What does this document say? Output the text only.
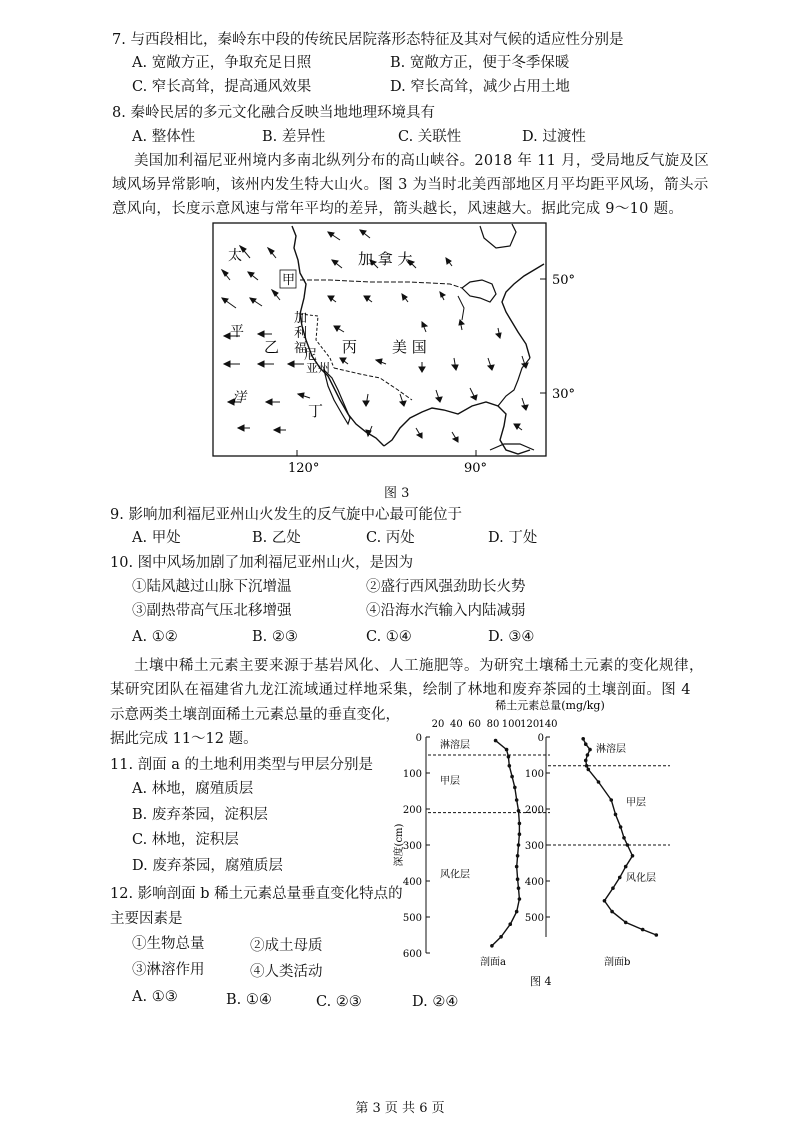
7. 与西段相比，秦岭东中段的传统民居院落形态特征及其对气候的适应性分别是
A. 宽敞方正，争取充足日照	B. 宽敞方正，便于冬季保暖
C. 窄长高耸，提高通风效果	D. 窄长高耸，减少占用土地
8. 秦岭民居的多元文化融合反映当地地理环境具有
A. 整体性	B. 差异性	C. 关联性	D. 过渡性
美国加利福尼亚州境内多南北纵列分布的高山峡谷。2018 年 11 月，受局地反气旋及区
域风场异常影响，该州内发生特大山火。图 3 为当时北美西部地区月平均距平风场，箭头示
意风向，长度示意风速与常年平均的差异，箭头越长，风速越大。据此完成 9～10 题。
50°
30°
120°	90°
太
平
洋
加 拿 大
甲
乙	丙
丁
美 国
加
利
福
尼
亚州
图 3
9. 影响加利福尼亚州山火发生的反气旋中心最可能位于
A. 甲处	B. 乙处	C. 丙处	D. 丁处
10. 图中风场加剧了加利福尼亚州山火，是因为
①陆风越过山脉下沉增温	②盛行西风强劲助长火势
③副热带高气压北移增强	④沿海水汽输入内陆减弱
A. ①②	B. ②③	C. ①④	D. ③④
土壤中稀土元素主要来源于基岩风化、人工施肥等。为研究土壤稀土元素的变化规律，
某研究团队在福建省九龙江流域通过样地采集，绘制了林地和废弃茶园的土壤剖面。图 4
示意两类土壤剖面稀土元素总量的垂直变化，
据此完成 11～12 题。
11. 剖面 a 的土地利用类型与甲层分别是
A. 林地，腐殖质层
B. 废弃茶园，淀积层
C. 林地，淀积层
D. 废弃茶园，腐殖质层
12. 影响剖面 b 稀土元素总量垂直变化特点的
主要因素是
①生物总量	②成土母质
③淋溶作用	④人类活动
A. ①③	B. ①④	C. ②③	D. ②④
稀土元素总量(mg/kg)
20 40 60 80 100 120 140
0
100
200
300
400
500
600
深度(cm)
0
100
200
300
400
500
淋溶层
甲层
风化层
剖面a
淋溶层
甲层
风化层
剖面b
图 4
第 3 页 共 6 页
